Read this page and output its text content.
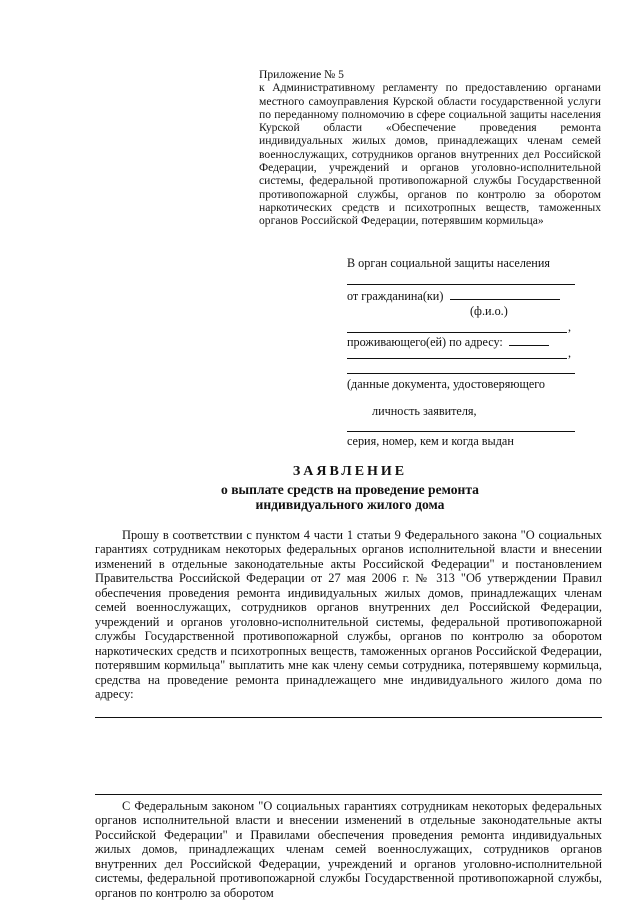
Приложение № 5
к Административному регламенту по предоставлению органами местного самоуправления Курской области государственной услуги по переданному полномочию в сфере социальной защиты населения Курской области «Обеспечение проведения ремонта индивидуальных жилых домов, принадлежащих членам семей военнослужащих, сотрудников органов внутренних дел Российской Федерации, учреждений и органов уголовно-исполнительной системы, федеральной противопожарной службы Государственной противопожарной службы, органов по контролю за оборотом наркотических средств и психотропных веществ, таможенных органов Российской Федерации, потерявшим кормильца»
В орган социальной защиты населения
от гражданина(ки)
(ф.и.о.)
,
проживающего(ей) по адресу:
,
(данные документа, удостоверяющего
личность заявителя,
серия, номер, кем и когда выдан
ЗАЯВЛЕНИЕ
о выплате средств на проведение ремонта
индивидуального жилого дома
Прошу в соответствии с пунктом 4 части 1 статьи 9 Федерального закона "О социальных гарантиях сотрудникам некоторых федеральных органов исполнительной власти и внесении изменений в отдельные законодательные акты Российской Федерации" и постановлением Правительства Российской Федерации от 27 мая 2006 г. № 313 "Об утверждении Правил обеспечения проведения ремонта индивидуальных жилых домов, принадлежащих членам семей военнослужащих, сотрудников органов внутренних дел Российской Федерации, учреждений и органов уголовно-исполнительной системы, федеральной противопожарной службы Государственной противопожарной службы, органов по контролю за оборотом наркотических средств и психотропных веществ, таможенных органов Российской Федерации, потерявшим кормильца" выплатить мне как члену семьи сотрудника, потерявшему кормильца, средства на проведение ремонта принадлежащего мне индивидуального жилого дома по адресу:
С Федеральным законом "О социальных гарантиях сотрудникам некоторых федеральных органов исполнительной власти и внесении изменений в отдельные законодательные акты Российской Федерации" и Правилами обеспечения проведения ремонта индивидуальных жилых домов, принадлежащих членам семей военнослужащих, сотрудников органов внутренних дел Российской Федерации, учреждений и органов уголовно-исполнительной системы, федеральной противопожарной службы Государственной противопожарной службы, органов по контролю за оборотом
